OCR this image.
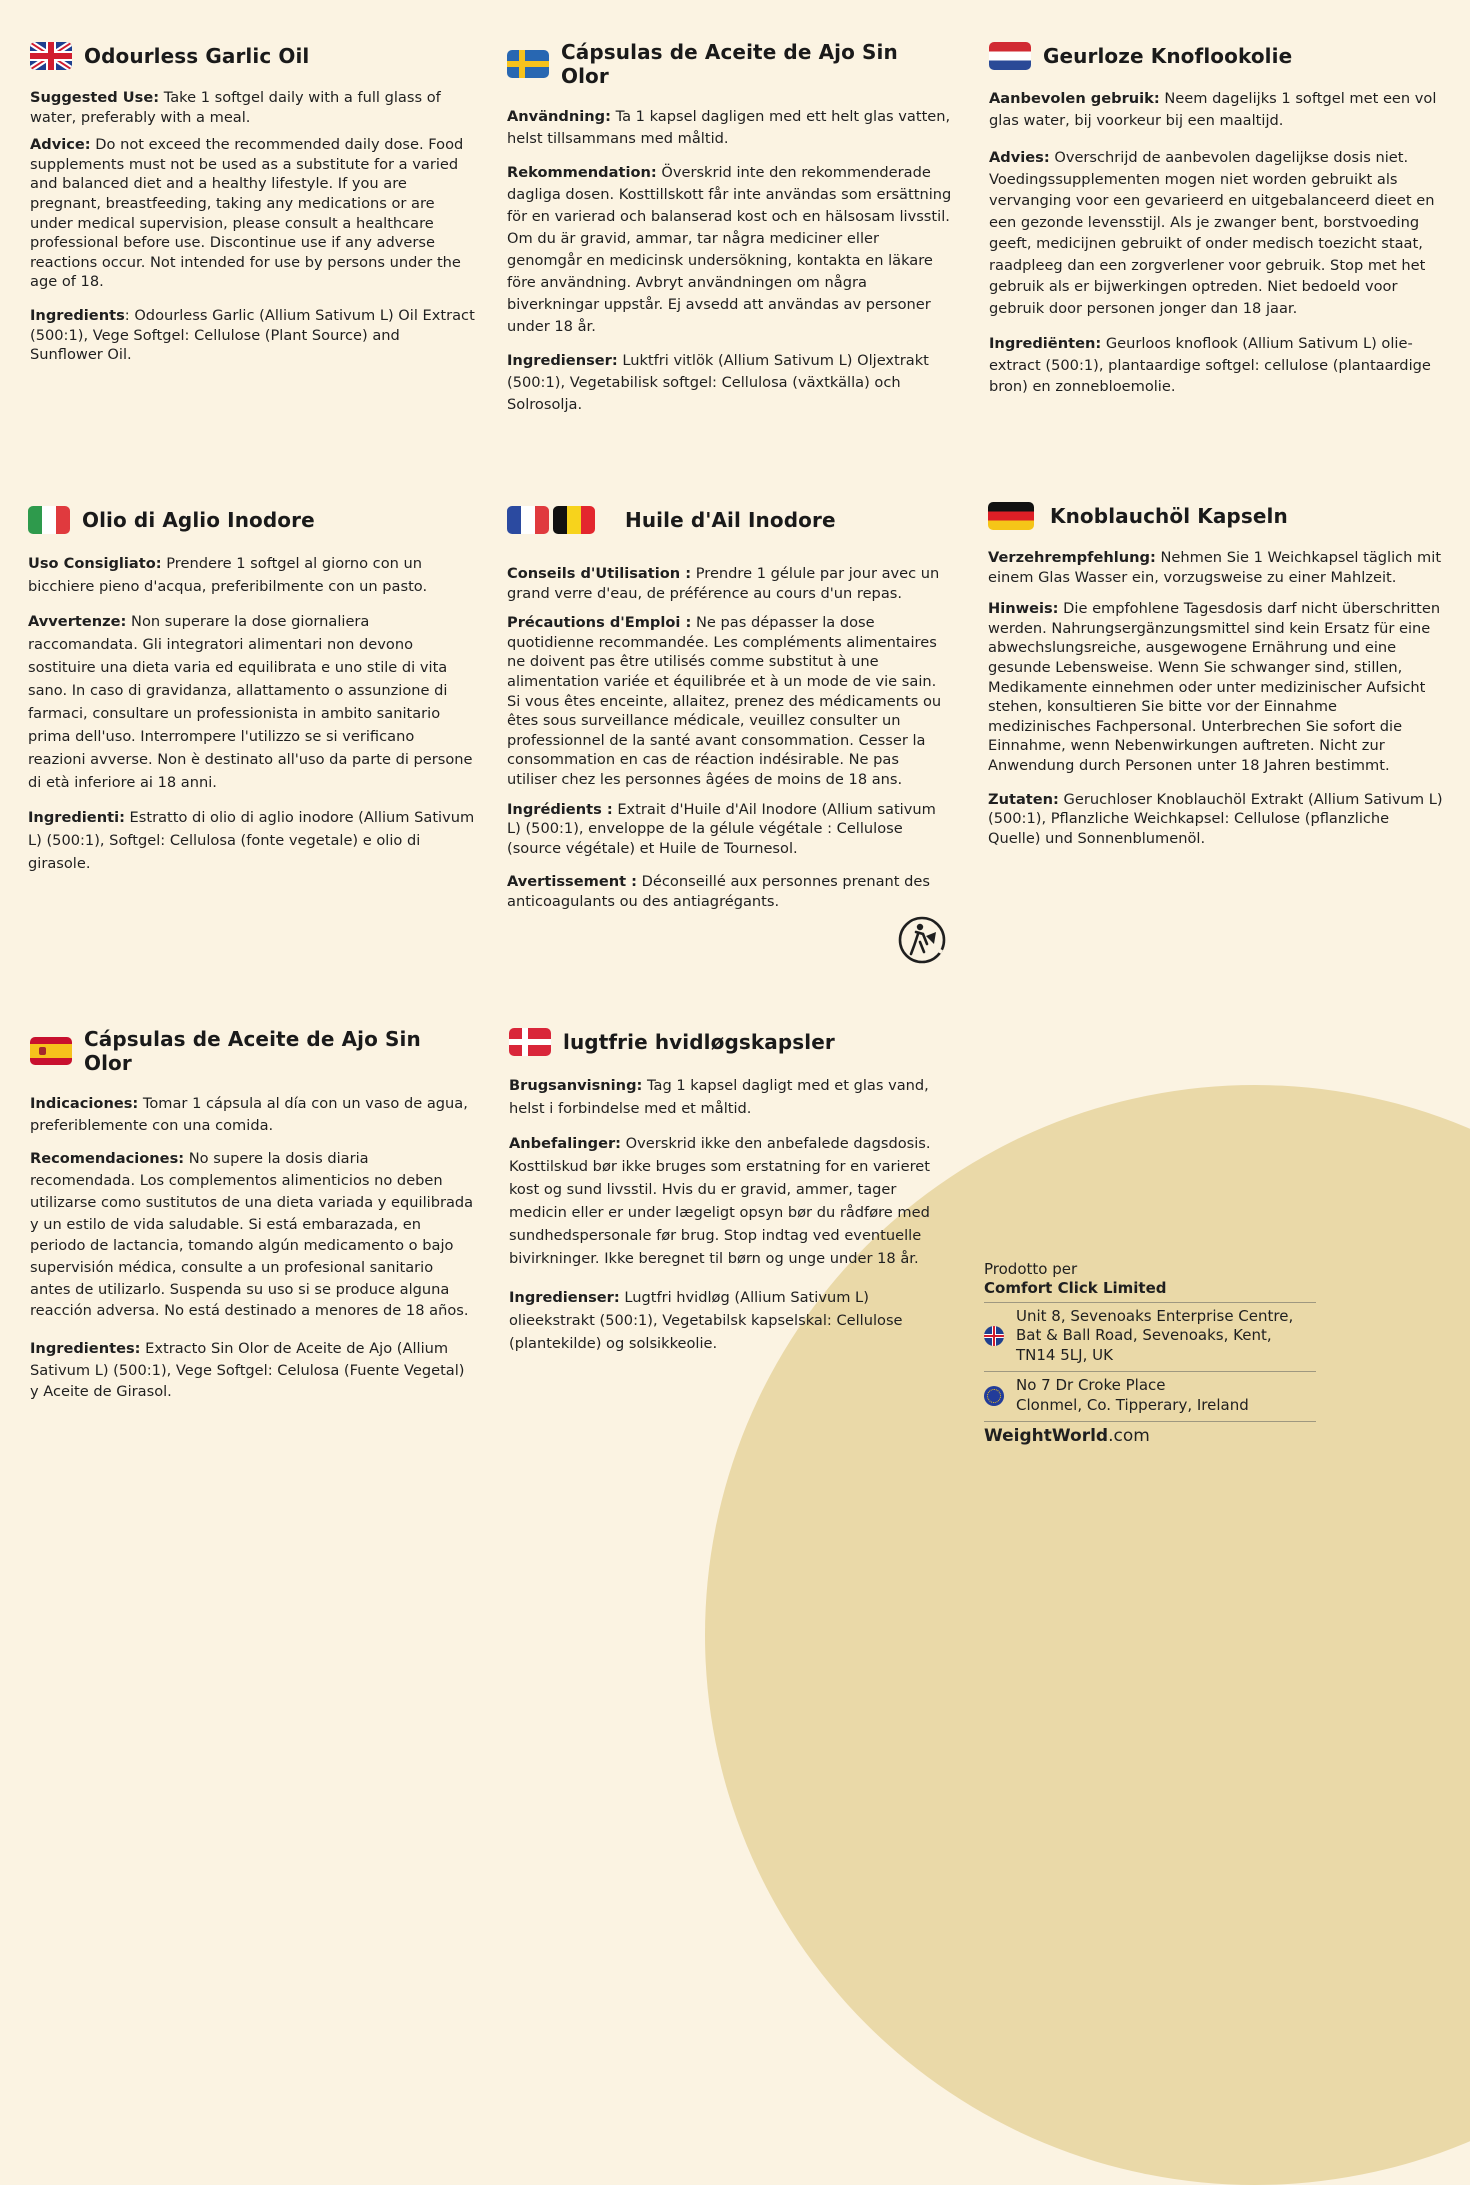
Odourless Garlic Oil

Suggested Use: Take 1 softgel daily with a full glass of water, preferably with a meal.

Advice: Do not exceed the recommended daily dose. Food supplements must not be used as a substitute for a varied and balanced diet and a healthy lifestyle. If you are pregnant, breastfeeding, taking any medications or are under medical supervision, please consult a healthcare professional before use. Discontinue use if any adverse reactions occur. Not intended for use by persons under the age of 18.

Ingredients: Odourless Garlic (Allium Sativum L) Oil Extract (500:1), Vege Softgel: Cellulose (Plant Source) and Sunflower Oil.

Cápsulas de Aceite de Ajo Sin Olor

Användning: Ta 1 kapsel dagligen med ett helt glas vatten, helst tillsammans med måltid.

Rekommendation: Överskrid inte den rekommenderade dagliga dosen. Kosttillskott får inte användas som ersättning för en varierad och balanserad kost och en hälsosam livsstil. Om du är gravid, ammar, tar några mediciner eller genomgår en medicinsk undersökning, kontakta en läkare före användning. Avbryt användningen om några biverkningar uppstår. Ej avsedd att användas av personer under 18 år.

Ingredienser: Luktfri vitlök (Allium Sativum L) Oljextrakt (500:1), Vegetabilisk softgel: Cellulosa (växtkälla) och Solrosolja.

Geurloze Knoflookolie

Aanbevolen gebruik: Neem dagelijks 1 softgel met een vol glas water, bij voorkeur bij een maaltijd.

Advies: Overschrijd de aanbevolen dagelijkse dosis niet. Voedingssupplementen mogen niet worden gebruikt als vervanging voor een gevarieerd en uitgebalanceerd dieet en een gezonde levensstijl. Als je zwanger bent, borstvoeding geeft, medicijnen gebruikt of onder medisch toezicht staat, raadpleeg dan een zorgverlener voor gebruik. Stop met het gebruik als er bijwerkingen optreden. Niet bedoeld voor gebruik door personen jonger dan 18 jaar.

Ingrediënten: Geurloos knoflook (Allium Sativum L) olie-extract (500:1), plantaardige softgel: cellulose (plantaardige bron) en zonnebloemolie.

Olio di Aglio Inodore

Uso Consigliato: Prendere 1 softgel al giorno con un bicchiere pieno d'acqua, preferibilmente con un pasto.

Avvertenze: Non superare la dose giornaliera raccomandata. Gli integratori alimentari non devono sostituire una dieta varia ed equilibrata e uno stile di vita sano. In caso di gravidanza, allattamento o assunzione di farmaci, consultare un professionista in ambito sanitario prima dell'uso. Interrompere l'utilizzo se si verificano reazioni avverse. Non è destinato all'uso da parte di persone di età inferiore ai 18 anni.

Ingredienti: Estratto di olio di aglio inodore (Allium Sativum L) (500:1), Softgel: Cellulosa (fonte vegetale) e olio di girasole.

Huile d'Ail Inodore

Conseils d'Utilisation : Prendre 1 gélule par jour avec un grand verre d'eau, de préférence au cours d'un repas.

Précautions d'Emploi : Ne pas dépasser la dose quotidienne recommandée. Les compléments alimentaires ne doivent pas être utilisés comme substitut à une alimentation variée et équilibrée et à un mode de vie sain. Si vous êtes enceinte, allaitez, prenez des médicaments ou êtes sous surveillance médicale, veuillez consulter un professionnel de la santé avant consommation. Cesser la consommation en cas de réaction indésirable. Ne pas utiliser chez les personnes âgées de moins de 18 ans.

Ingrédients : Extrait d'Huile d'Ail Inodore (Allium sativum L) (500:1), enveloppe de la gélule végétale : Cellulose (source végétale) et Huile de Tournesol.

Avertissement : Déconseillé aux personnes prenant des anticoagulants ou des antiagrégants.

Knoblauchöl Kapseln

Verzehrempfehlung: Nehmen Sie 1 Weichkapsel täglich mit einem Glas Wasser ein, vorzugsweise zu einer Mahlzeit.

Hinweis: Die empfohlene Tagesdosis darf nicht überschritten werden. Nahrungsergänzungsmittel sind kein Ersatz für eine abwechslungsreiche, ausgewogene Ernährung und eine gesunde Lebensweise. Wenn Sie schwanger sind, stillen, Medikamente einnehmen oder unter medizinischer Aufsicht stehen, konsultieren Sie bitte vor der Einnahme medizinisches Fachpersonal. Unterbrechen Sie sofort die Einnahme, wenn Nebenwirkungen auftreten. Nicht zur Anwendung durch Personen unter 18 Jahren bestimmt.

Zutaten: Geruchloser Knoblauchöl Extrakt (Allium Sativum L) (500:1), Pflanzliche Weichkapsel: Cellulose (pflanzliche Quelle) und Sonnenblumenöl.

Cápsulas de Aceite de Ajo Sin Olor

Indicaciones: Tomar 1 cápsula al día con un vaso de agua, preferiblemente con una comida.

Recomendaciones: No supere la dosis diaria recomendada. Los complementos alimenticios no deben utilizarse como sustitutos de una dieta variada y equilibrada y un estilo de vida saludable. Si está embarazada, en periodo de lactancia, tomando algún medicamento o bajo supervisión médica, consulte a un profesional sanitario antes de utilizarlo. Suspenda su uso si se produce alguna reacción adversa. No está destinado a menores de 18 años.

Ingredientes: Extracto Sin Olor de Aceite de Ajo (Allium Sativum L) (500:1), Vege Softgel: Celulosa (Fuente Vegetal) y Aceite de Girasol.

lugtfrie hvidløgskapsler

Brugsanvisning: Tag 1 kapsel dagligt med et glas vand, helst i forbindelse med et måltid.

Anbefalinger: Overskrid ikke den anbefalede dagsdosis. Kosttilskud bør ikke bruges som erstatning for en varieret kost og sund livsstil. Hvis du er gravid, ammer, tager medicin eller er under lægeligt opsyn bør du rådføre med sundhedspersonale før brug. Stop indtag ved eventuelle bivirkninger. Ikke beregnet til børn og unge under 18 år.

Ingredienser: Lugtfri hvidløg (Allium Sativum L) olieekstrakt (500:1), Vegetabilsk kapselskal: Cellulose (plantekilde) og solsikkeolie.

Prodotto per
Comfort Click Limited
Unit 8, Sevenoaks Enterprise Centre,
Bat & Ball Road, Sevenoaks, Kent,
TN14 5LJ, UK
No 7 Dr Croke Place
Clonmel, Co. Tipperary, Ireland
WeightWorld.com
